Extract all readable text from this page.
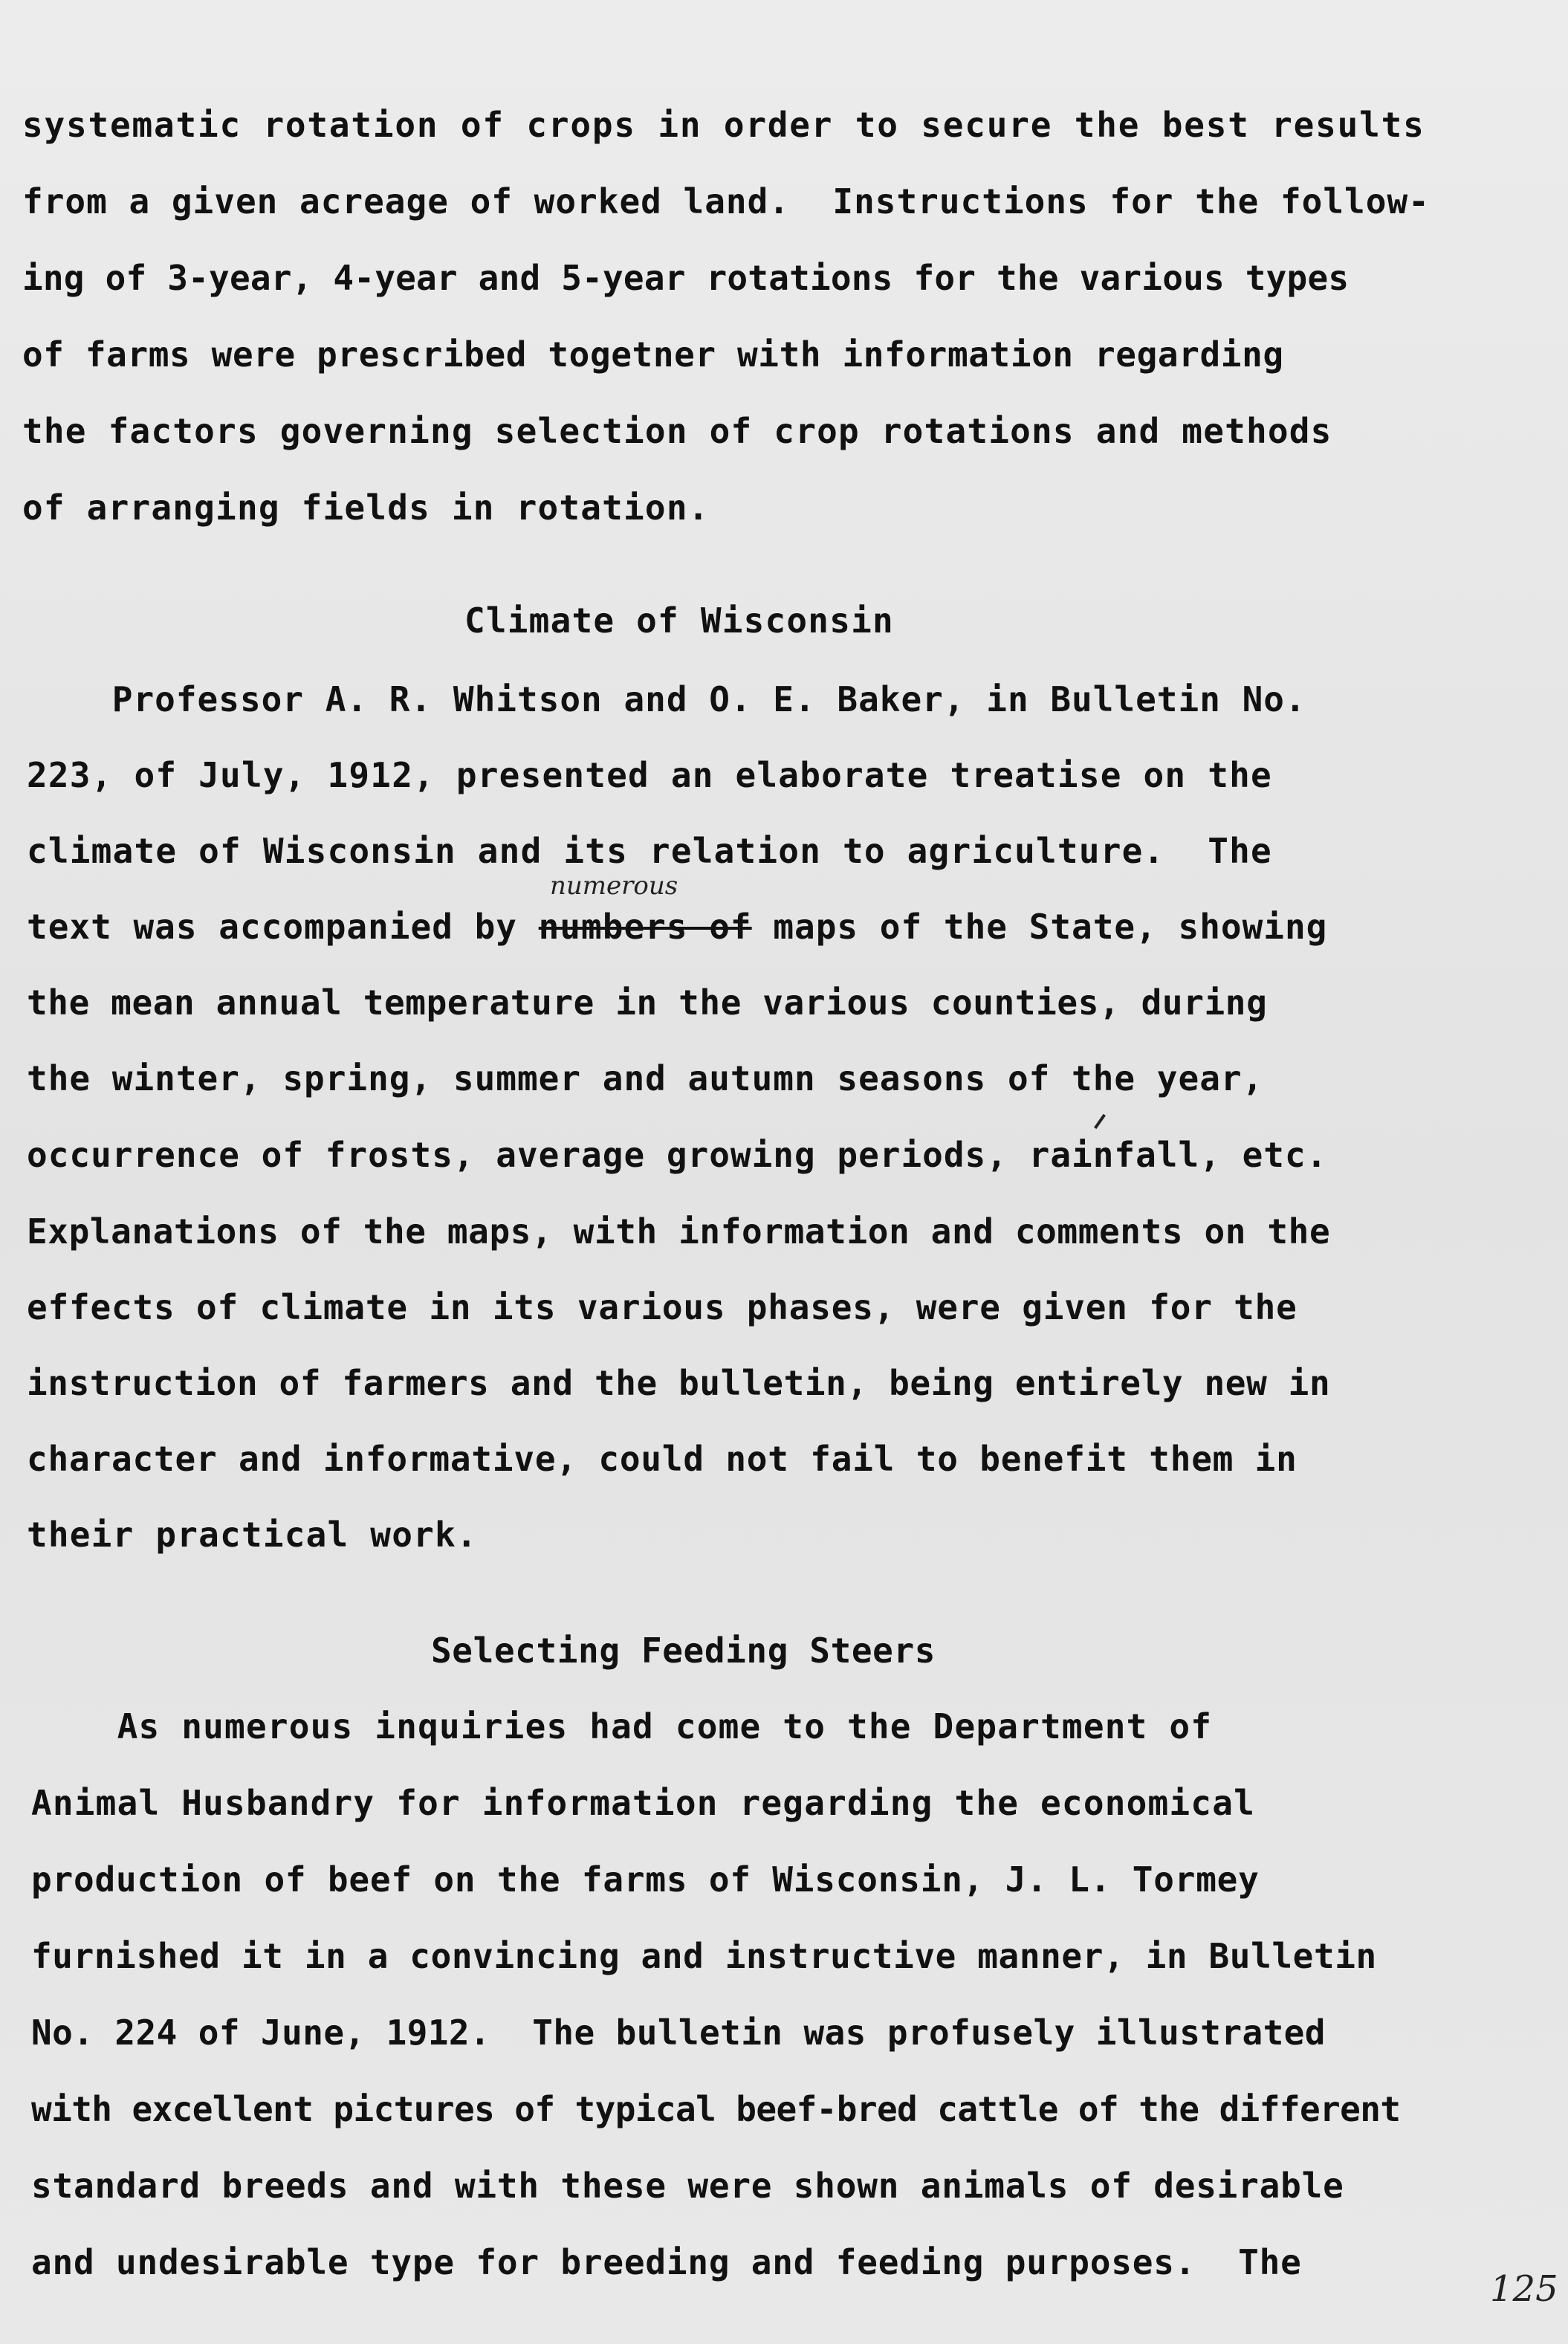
systematic rotation of crops in order to secure the best results
from a given acreage of worked land.  Instructions for the follow-
ing of 3-year, 4-year and 5-year rotations for the various types
of farms were prescribed togetner with information regarding
the factors governing selection of crop rotations and methods
of arranging fields in rotation.
Climate of Wisconsin
Professor A. R. Whitson and O. E. Baker, in Bulletin No.
223, of July, 1912, presented an elaborate treatise on the
climate of Wisconsin and its relation to agriculture.  The
numerous
text was accompanied by numbers of maps of the State, showing
the mean annual temperature in the various counties, during
the winter, spring, summer and autumn seasons of the year,
occurrence of frosts, average growing periods, rainfall, etc.
Explanations of the maps, with information and comments on the
effects of climate in its various phases, were given for the
instruction of farmers and the bulletin, being entirely new in
character and informative, could not fail to benefit them in
their practical work.
Selecting Feeding Steers
As numerous inquiries had come to the Department of
Animal Husbandry for information regarding the economical
production of beef on the farms of Wisconsin, J. L. Tormey
furnished it in a convincing and instructive manner, in Bulletin
No. 224 of June, 1912.  The bulletin was profusely illustrated
with excellent pictures of typical beef-bred cattle of the different
standard breeds and with these were shown animals of desirable
and undesirable type for breeding and feeding purposes.  The
125
